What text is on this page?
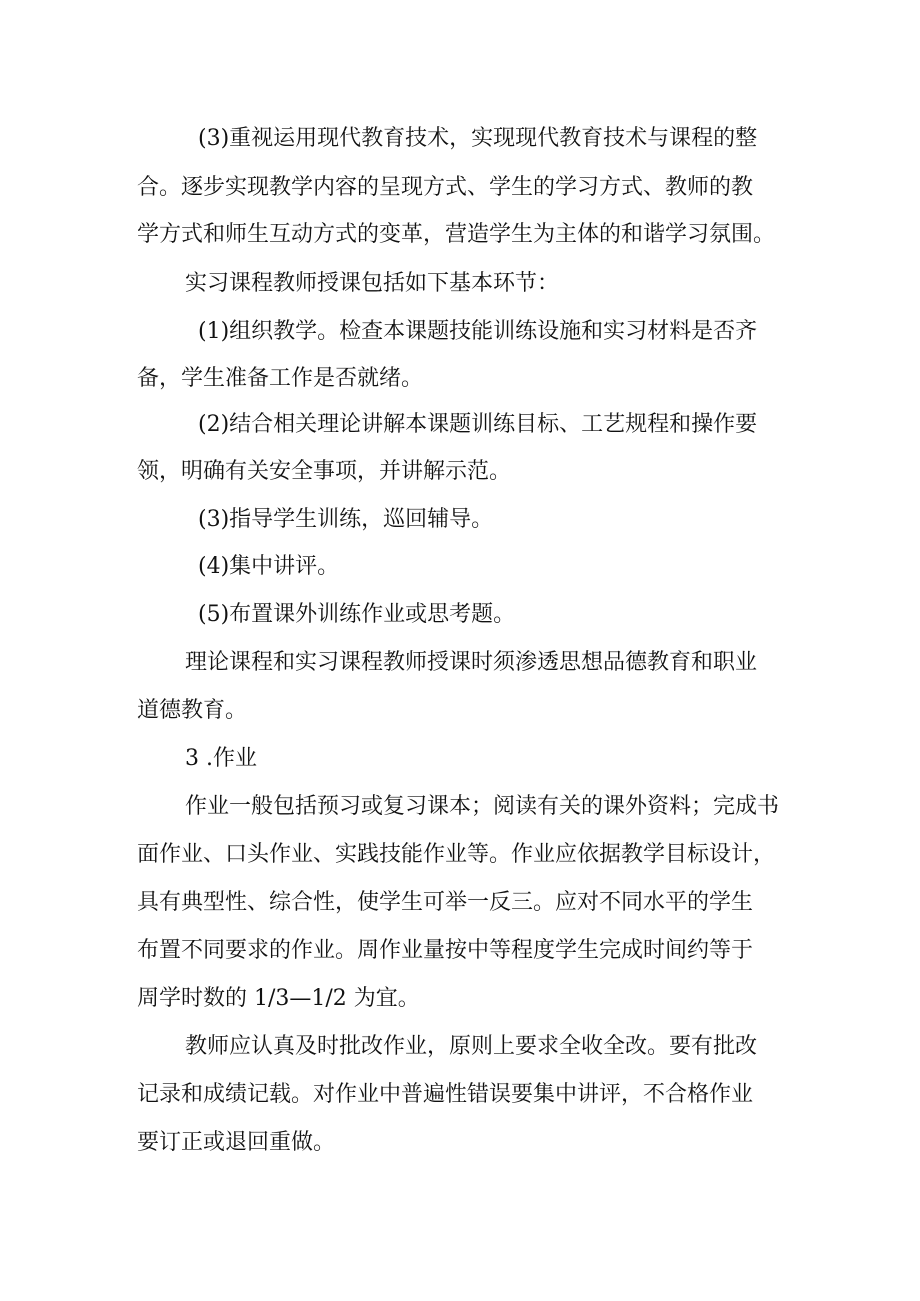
(3)重视运用现代教育技术，实现现代教育技术与课程的整
合。逐步实现教学内容的呈现方式、学生的学习方式、教师的教
学方式和师生互动方式的变革，营造学生为主体的和谐学习氛围。
实习课程教师授课包括如下基本环节：
(1)组织教学。检查本课题技能训练设施和实习材料是否齐
备，学生准备工作是否就绪。
(2)结合相关理论讲解本课题训练目标、工艺规程和操作要
领，明确有关安全事项，并讲解示范。
(3)指导学生训练，巡回辅导。
(4)集中讲评。
(5)布置课外训练作业或思考题。
理论课程和实习课程教师授课时须渗透思想品德教育和职业
道德教育。
3 .作业
作业一般包括预习或复习课本；阅读有关的课外资料；完成书
面作业、口头作业、实践技能作业等。作业应依据教学目标设计，
具有典型性、综合性，使学生可举一反三。应对不同水平的学生
布置不同要求的作业。周作业量按中等程度学生完成时间约等于
周学时数的 1/3—1/2 为宜。
教师应认真及时批改作业，原则上要求全收全改。要有批改
记录和成绩记载。对作业中普遍性错误要集中讲评，不合格作业
要订正或退回重做。
